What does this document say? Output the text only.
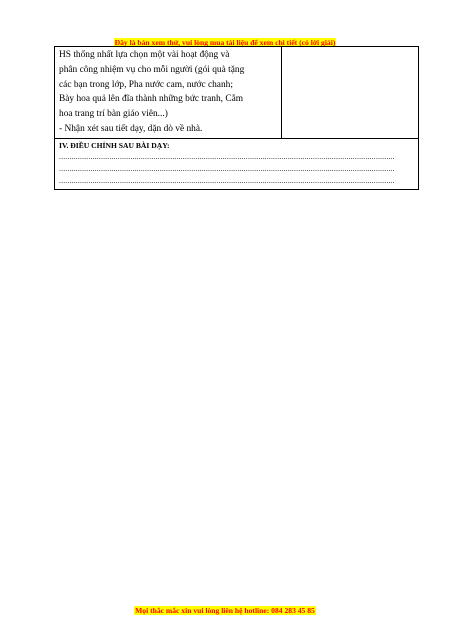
Đây là bản xem thử, vui lòng mua tài liệu để xem chi tiết (có lời giải)

HS thống nhất lựa chọn một vài hoạt động và

phân công nhiệm vụ cho mỗi người (gói quà tặng

các bạn trong lớp, Pha nước cam, nước chanh;

Bày hoa quả lên đĩa thành những bức tranh, Cắm

hoa trang trí bàn giáo viên...)

- Nhận xét sau tiết dạy, dặn dò về nhà.

IV. ĐIỀU CHỈNH SAU BÀI DẠY:
................................................................................................................................................................
................................................................................................................................................................
................................................................................................................................................................
Mọi thắc mắc xin vui lòng liên hệ hotline: 084 283 45 85
